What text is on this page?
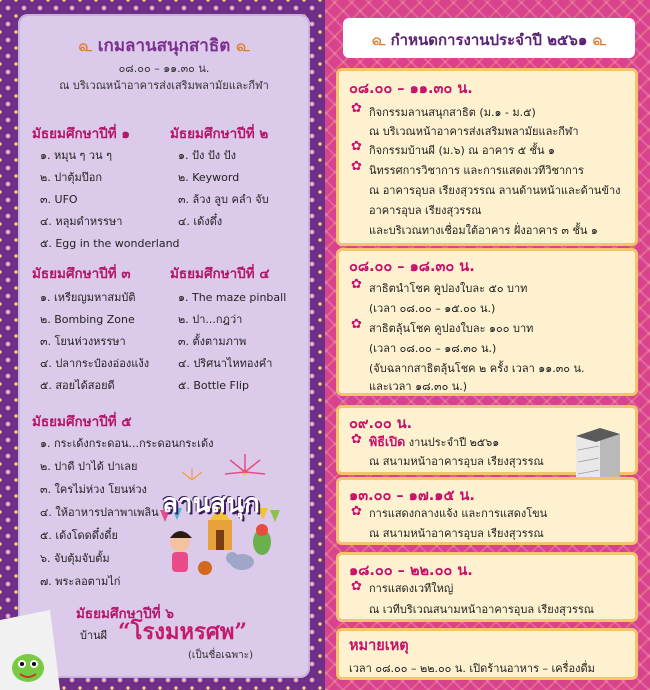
௳ เกมลานสนุกสาธิต ௳
๐๘.๐๐ – ๑๑.๓๐ น.
ณ บริเวณหน้าอาคารส่งเสริมพลามัยและกีฬา
มัธยมศึกษาปีที่ ๑
๑. หมุน ๆ วน ๆ
๒. ปาตุ้มป๊อก
๓. UFO
๔. หลุมดำหรรษา
๕. Egg in the wonderland
มัธยมศึกษาปีที่ ๒
๑. ปัง ปัง ปัง
๒. Keyword
๓. ล้วง ลูบ คลำ จับ
๔. เด้งดึ๋ง
มัธยมศึกษาปีที่ ๓
๑. เหรียญมหาสมบัติ
๒. Bombing Zone
๓. โยนห่วงหรรษา
๔. ปลากระป๋องอ่องแง้ง
๕. สอยได้สอยดี
มัธยมศึกษาปีที่ ๔
๑. The maze pinball
๒. ปา...กฎว่า
๓. ตั้งตามภาพ
๔. ปริศนาไหทองคำ
๕. Bottle Flip
มัธยมศึกษาปีที่ ๕
๑. กระเด้งกระดอน...กระดอนกระเด้ง
๒. ปาดี ปาได้ ปาเลย
๓. ใครไม่ห่วง โยนห่วง
๔. ให้อาหารปลาพาเพลิน
๕. เด้งโดดดึ๋งดี๋ย
๖. จับตุ้มจับตั้ม
๗. พระลอตามไก่
มัธยมศึกษาปีที่ ๖
บ้านผี “โรงมหรศพ”
(เป็นชื่อเฉพาะ)
ลานสนุก
௳ กำหนดการงานประจำปี ๒๕๖๑ ௳
๐๘.๐๐ – ๑๑.๓๐ น.
✿ กิจกรรมลานสนุกสาธิต (ม.๑ - ม.๕)
ณ บริเวณหน้าอาคารส่งเสริมพลามัยและกีฬา
✿ กิจกรรมบ้านผี (ม.๖) ณ อาคาร ๕ ชั้น ๑
✿ นิทรรศการวิชาการ และการแสดงเวทีวิชาการ
ณ อาคารอุบล เรียงสุวรรณ ลานด้านหน้าและด้านข้าง
อาคารอุบล เรียงสุวรรณ
และบริเวณทางเชื่อมใต้อาคาร ฝั่งอาคาร ๓ ชั้น ๑
๐๘.๐๐ – ๑๘.๓๐ น.
✿ สาธิตนำโชค คูปองใบละ ๕๐ บาท
(เวลา ๐๘.๐๐ – ๑๕.๐๐ น.)
✿ สาธิตลุ้นโชค คูปองใบละ ๑๐๐ บาท
(เวลา ๐๘.๐๐ – ๑๘.๓๐ น.)
(จับฉลากสาธิตลุ้นโชค ๒ ครั้ง เวลา ๑๑.๓๐ น.
และเวลา ๑๘.๓๐ น.)
๐๙.๐๐ น.
✿ พิธีเปิด งานประจำปี ๒๕๖๑
ณ สนามหน้าอาคารอุบล เรียงสุวรรณ
๑๓.๐๐ – ๑๗.๑๕ น.
✿ การแสดงกลางแจ้ง และการแสดงโขน
ณ สนามหน้าอาคารอุบล เรียงสุวรรณ
๑๘.๐๐ – ๒๒.๐๐ น.
✿ การแสดงเวทีใหญ่
ณ เวทีบริเวณสนามหน้าอาคารอุบล เรียงสุวรรณ
หมายเหตุ
เวลา ๐๘.๐๐ – ๒๒.๐๐ น. เปิดร้านอาหาร – เครื่องดื่ม
